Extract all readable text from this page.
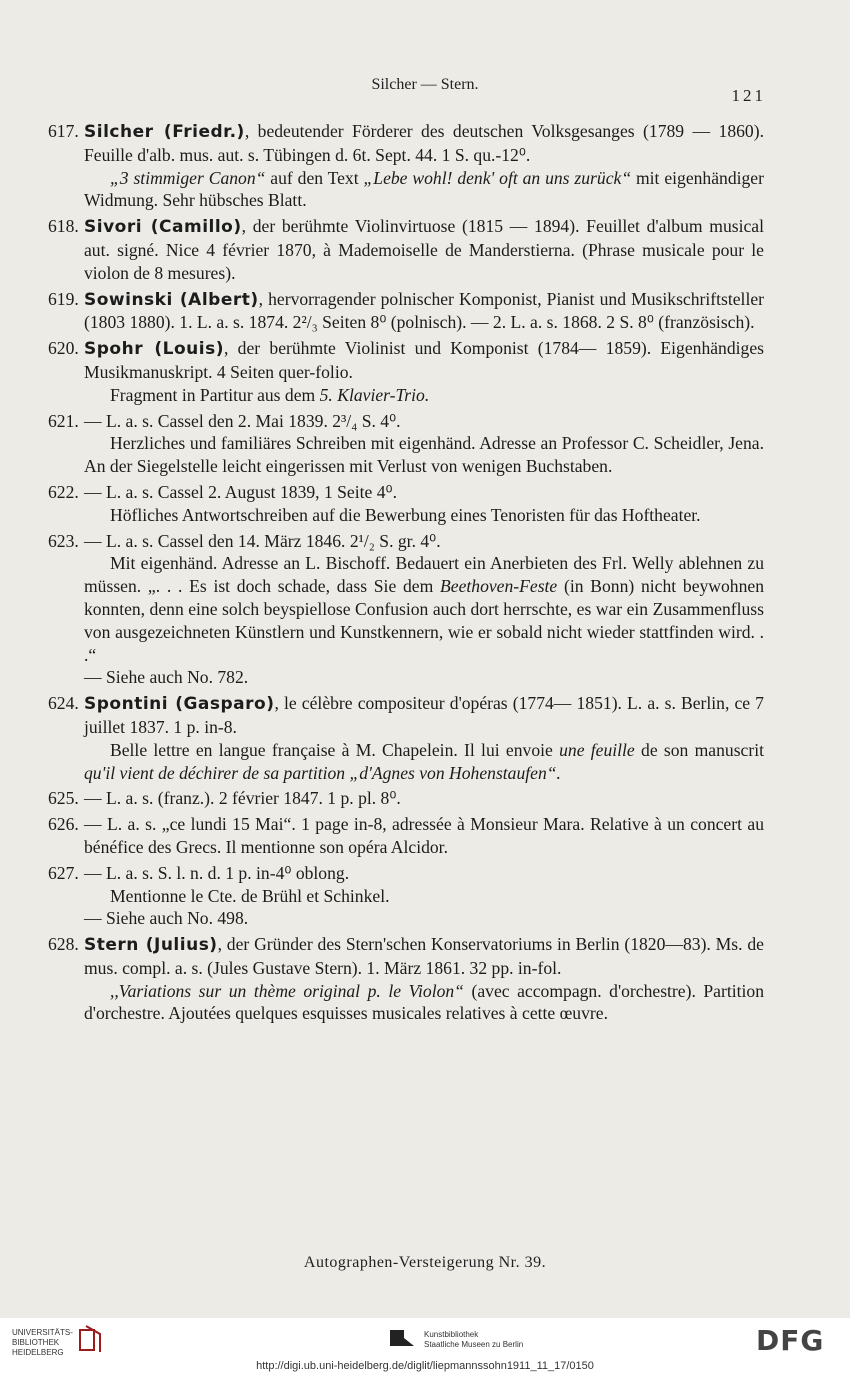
Silcher — Stern.
121
617. Silcher (Friedr.), bedeutender Förderer des deutschen Volksgesanges (1789 — 1860). Feuille d'alb. mus. aut. s. Tübingen d. 6t. Sept. 44. 1 S. qu.-12⁰.
„3 stimmiger Canon“ auf den Text „Lebe wohl! denk' oft an uns zurück“ mit eigenhändiger Widmung. Sehr hübsches Blatt.
618. Sivori (Camillo), der berühmte Violinvirtuose (1815 — 1894). Feuillet d'album musical aut. signé. Nice 4 février 1870, à Mademoiselle de Manderstierna. (Phrase musicale pour le violon de 8 mesures).
619. Sowinski (Albert), hervorragender polnischer Komponist, Pianist und Musikschriftsteller (1803 1880). 1. L. a. s. 1874. 2²/₃ Seiten 8⁰ (polnisch). — 2. L. a. s. 1868. 2 S. 8⁰ (französisch).
620. Spohr (Louis), der berühmte Violinist und Komponist (1784— 1859). Eigenhändiges Musikmanuskript. 4 Seiten quer-folio.
Fragment in Partitur aus dem 5. Klavier-Trio.
621. — L. a. s. Cassel den 2. Mai 1839. 2³/₄ S. 4⁰.
Herzliches und familiäres Schreiben mit eigenhänd. Adresse an Professor C. Scheidler, Jena. An der Siegelstelle leicht eingerissen mit Verlust von wenigen Buchstaben.
622. — L. a. s. Cassel 2. August 1839, 1 Seite 4⁰.
Höfliches Antwortschreiben auf die Bewerbung eines Tenoristen für das Hoftheater.
623. — L. a. s. Cassel den 14. März 1846. 2¹/₂ S. gr. 4⁰.
Mit eigenhänd. Adresse an L. Bischoff. Bedauert ein Anerbieten des Frl. Welly ablehnen zu müssen. „. . . Es ist doch schade, dass Sie dem Beethoven-Feste (in Bonn) nicht beywohnen konnten, denn eine solch beyspiellose Confusion auch dort herrschte, es war ein Zusammenfluss von ausgezeichneten Künstlern und Kunstkennern, wie er sobald nicht wieder stattfinden wird. . .“
— Siehe auch No. 782.
624. Spontini (Gasparo), le célèbre compositeur d'opéras (1774— 1851). L. a. s. Berlin, ce 7 juillet 1837. 1 p. in-8.
Belle lettre en langue française à M. Chapelein. Il lui envoie une feuille de son manuscrit qu'il vient de déchirer de sa partition „d'Agnes von Hohenstaufen“.
625. — L. a. s. (franz.). 2 février 1847. 1 p. pl. 8⁰.
626. — L. a. s. „ce lundi 15 Mai“. 1 page in-8, adressée à Monsieur Mara. Relative à un concert au bénéfice des Grecs. Il mentionne son opéra Alcidor.
627. — L. a. s. S. l. n. d. 1 p. in-4⁰ oblong.
Mentionne le Cte. de Brühl et Schinkel.
— Siehe auch No. 498.
628. Stern (Julius), der Gründer des Stern'schen Konservatoriums in Berlin (1820—83). Ms. de mus. compl. a. s. (Jules Gustave Stern). 1. März 1861. 32 pp. in-fol.
,,Variations sur un thème original p. le Violon“ (avec accompagn. d'orchestre). Partition d'orchestre. Ajoutées quelques esquisses musicales relatives à cette œuvre.
Autographen-Versteigerung Nr. 39.
UNIVERSITÄTS-
BIBLIOTHEK
HEIDELBERG
Kunstbibliothek
Staatliche Museen zu Berlin	DFG
http://digi.ub.uni-heidelberg.de/diglit/liepmannssohn1911_11_17/0150
